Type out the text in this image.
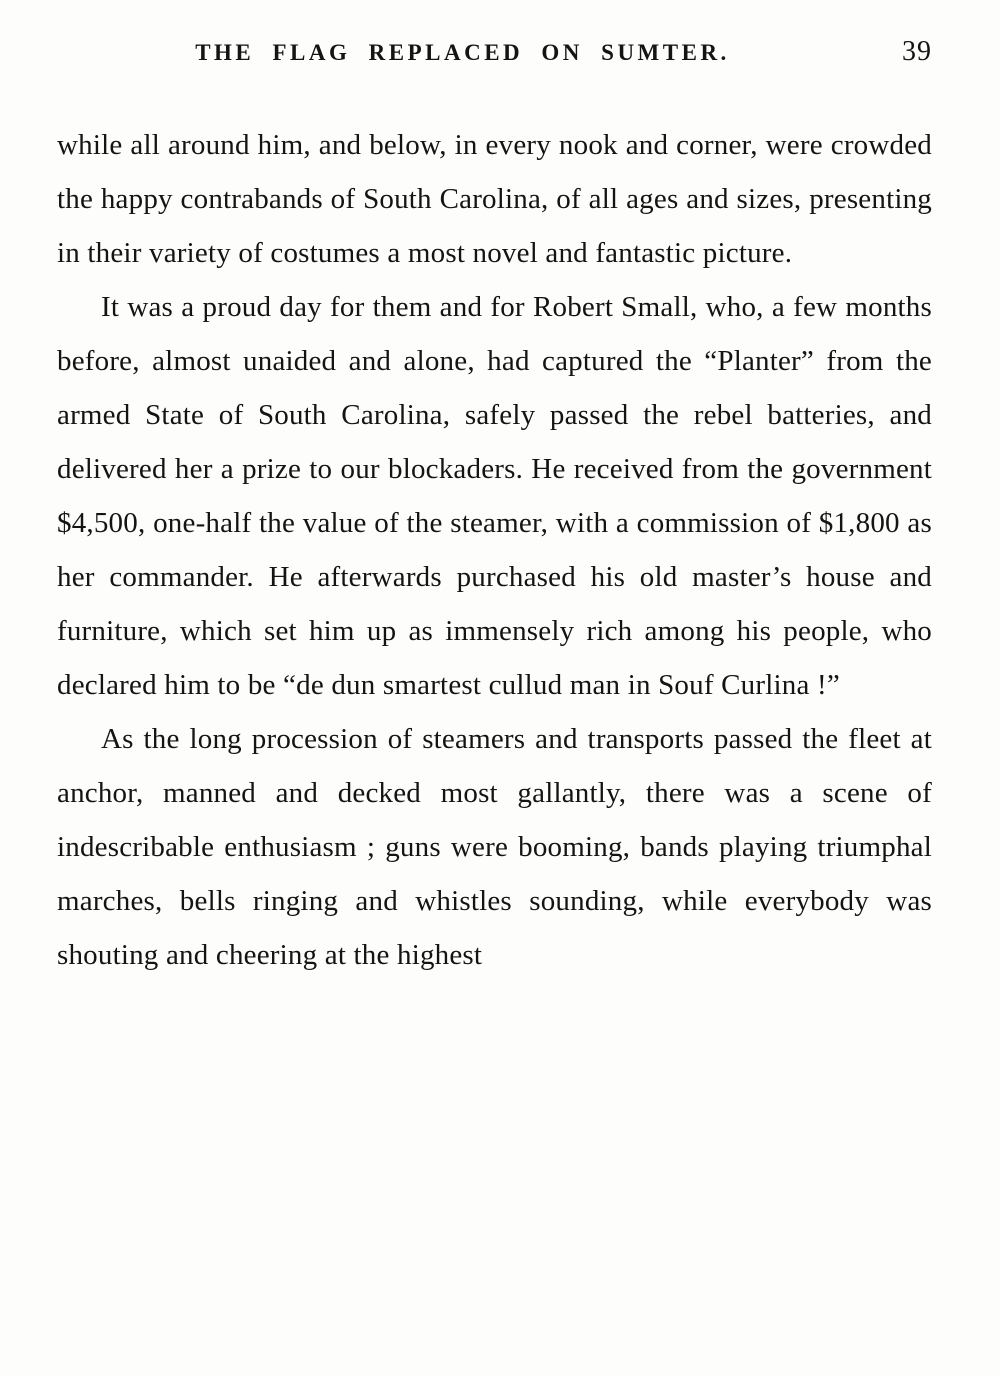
THE FLAG REPLACED ON SUMTER.	39

while all around him, and below, in every nook and corner, were crowded the happy contrabands of South Carolina, of all ages and sizes, presenting in their variety of costumes a most novel and fantastic picture.

It was a proud day for them and for Robert Small, who, a few months before, almost unaided and alone, had captured the “Planter” from the armed State of South Carolina, safely passed the rebel batteries, and delivered her a prize to our blockaders. He received from the government $4,500, one-half the value of the steamer, with a commission of $1,800 as her commander. He afterwards purchased his old master’s house and furniture, which set him up as immensely rich among his people, who declared him to be “de dun smartest cullud man in Souf Curlina !”

As the long procession of steamers and transports passed the fleet at anchor, manned and decked most gallantly, there was a scene of indescribable enthusiasm ; guns were booming, bands playing triumphal marches, bells ringing and whistles sounding, while everybody was shouting and cheering at the highest
